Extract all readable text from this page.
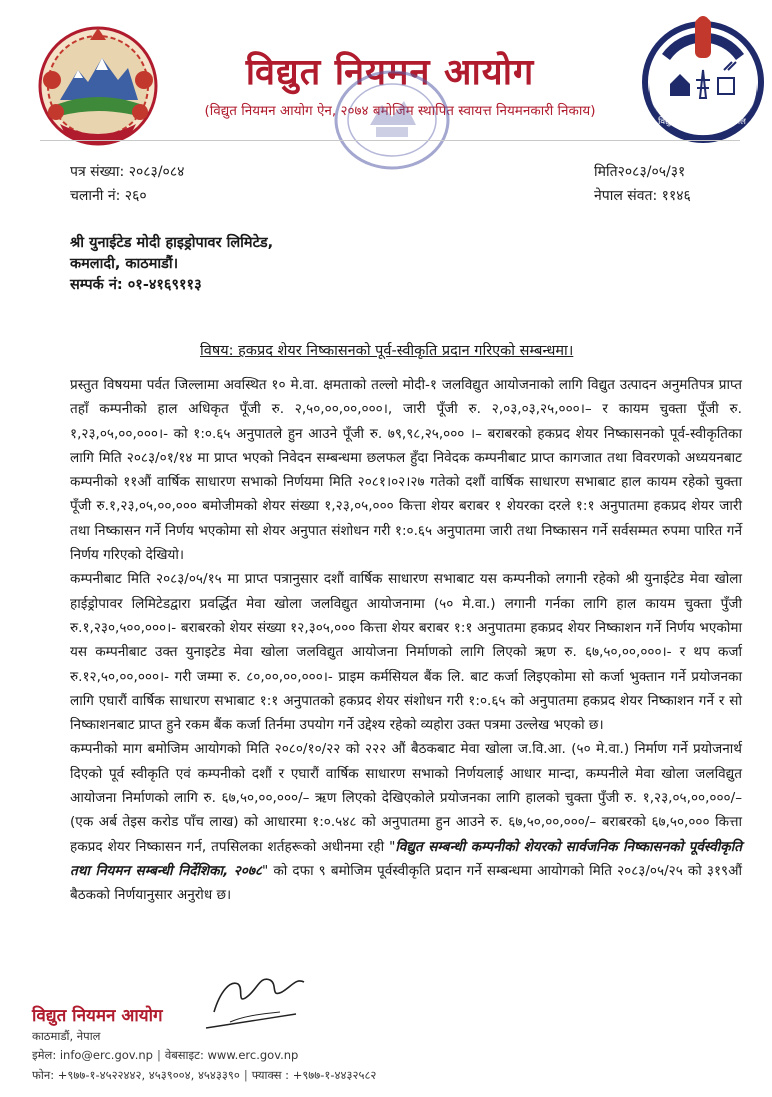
विद्युत नियमन आयोग
(विद्युत नियमन आयोग ऐन, २०७४ बमोजिम स्थापित स्वायत्त नियमनकारी निकाय)
विद्युत नियमन आयोग, नेपाल
पत्र संख्या: २०८३/०८४
चलानी नं: २६०
मिति२०८३/०५/३१
नेपाल संवत: ११४६
श्री युनाईटेड मोदी हाइड्रोपावर लिमिटेड,
कमलादी, काठमाडौं।
सम्पर्क नं: ०१-४१६९११३
विषय: हकप्रद शेयर निष्कासनको पूर्व-स्वीकृति प्रदान गरिएको सम्बन्धमा।

प्रस्तुत विषयमा पर्वत जिल्लामा अवस्थित १० मे.वा. क्षमताको तल्लो मोदी-१ जलविद्युत आयोजनाको लागि विद्युत उत्पादन अनुमतिपत्र प्राप्त तहाँ कम्पनीको हाल अधिकृत पूँजी रु. २,५०,००,००,०००।, जारी पूँजी रु. २,०३,०३,२५,०००।– र कायम चुक्ता पूँजी रु. १,२३,०५,००,०००।- को १:०.६५ अनुपातले हुन आउने पूँजी रु. ७९,९८,२५,००० ।– बराबरको हकप्रद शेयर निष्कासनको पूर्व-स्वीकृतिका लागि मिति २०८३/०१/१४ मा प्राप्त भएको निवेदन सम्बन्धमा छलफल हुँदा निवेदक कम्पनीबाट प्राप्त कागजात तथा विवरणको अध्ययनबाट कम्पनीको ११औं वार्षिक साधारण सभाको निर्णयमा मिति २०८१।०२।२७ गतेको दशौं वार्षिक साधारण सभाबाट हाल कायम रहेको चुक्ता पूँजी रु.१,२३,०५,००,००० बमोजीमको शेयर संख्या १,२३,०५,००० कित्ता शेयर बराबर १ शेयरका दरले १:१ अनुपातमा हकप्रद शेयर जारी तथा निष्कासन गर्ने निर्णय भएकोमा सो शेयर अनुपात संशोधन गरी १:०.६५ अनुपातमा जारी तथा निष्कासन गर्ने सर्वसम्मत रुपमा पारित गर्ने निर्णय गरिएको देखियो।

कम्पनीबाट मिति २०८३/०५/१५ मा प्राप्त पत्रानुसार दशौं वार्षिक साधारण सभाबाट यस कम्पनीको लगानी रहेको श्री युनाईटेड मेवा खोला हाईड्रोपावर लिमिटेडद्वारा प्रवर्द्धित मेवा खोला जलविद्युत आयोजनामा (५० मे.वा.) लगानी गर्नका लागि हाल कायम चुक्ता पुँजी रु.१,२३०,५००,०००।- बराबरको शेयर संख्या १२,३०५,००० कित्ता शेयर बराबर १:१ अनुपातमा हकप्रद शेयर निष्काशन गर्ने निर्णय भएकोमा यस कम्पनीबाट उक्त युनाइटेड मेवा खोला जलविद्युत आयोजना निर्माणको लागि लिएको ऋण रु. ६७,५०,००,०००।- र थप कर्जा रु.१२,५०,००,०००।- गरी जम्मा रु. ८०,००,००,०००।- प्राइम कर्मसियल बैंक लि. बाट कर्जा लिइएकोमा सो कर्जा भुक्तान गर्ने प्रयोजनका लागि एघारौं वार्षिक साधारण सभाबाट १:१ अनुपातको हकप्रद शेयर संशोधन गरी १:०.६५ को अनुपातमा हकप्रद शेयर निष्काशन गर्ने र सो निष्काशनबाट प्राप्त हुने रकम बैंक कर्जा तिर्नमा उपयोग गर्ने उद्देश्य रहेको व्यहोरा उक्त पत्रमा उल्लेख भएको छ।

कम्पनीको माग बमोजिम आयोगको मिति २०८०/१०/२२ को २२२ औं बैठकबाट मेवा खोला ज.वि.आ. (५० मे.वा.) निर्माण गर्ने प्रयोजनार्थ दिएको पूर्व स्वीकृति एवं कम्पनीको दशौं र एघारौं वार्षिक साधारण सभाको निर्णयलाई आधार मान्दा, कम्पनीले मेवा खोला जलविद्युत आयोजना निर्माणको लागि रु. ६७,५०,००,०००/– ऋण लिएको देखिएकोले प्रयोजनका लागि हालको चुक्ता पुँजी रु. १,२३,०५,००,०००/– (एक अर्ब तेइस करोड पाँच लाख) को आधारमा १:०.५४८ को अनुपातमा हुन आउने रु. ६७,५०,००,०००/– बराबरको ६७,५०,००० कित्ता हकप्रद शेयर निष्कासन गर्न, तपसिलका शर्तहरूको अधीनमा रही "विद्युत सम्बन्धी कम्पनीको शेयरको सार्वजनिक निष्कासनको पूर्वस्वीकृति तथा नियमन सम्बन्धी निर्देशिका, २०७८" को दफा ९ बमोजिम पूर्वस्वीकृति प्रदान गर्ने सम्बन्धमा आयोगको मिति २०८३/०५/२५ को ३१९औं बैठकको निर्णयानुसार अनुरोध छ।

विद्युत नियमन आयोग
काठमाडौं, नेपाल
इमेल: info@erc.gov.np | वेबसाइट: www.erc.gov.np
फोन: +९७७-१-४५२२४४२, ४५३९००४, ४५४३३९० | फ्याक्स : +९७७-१-४४३२५८२
